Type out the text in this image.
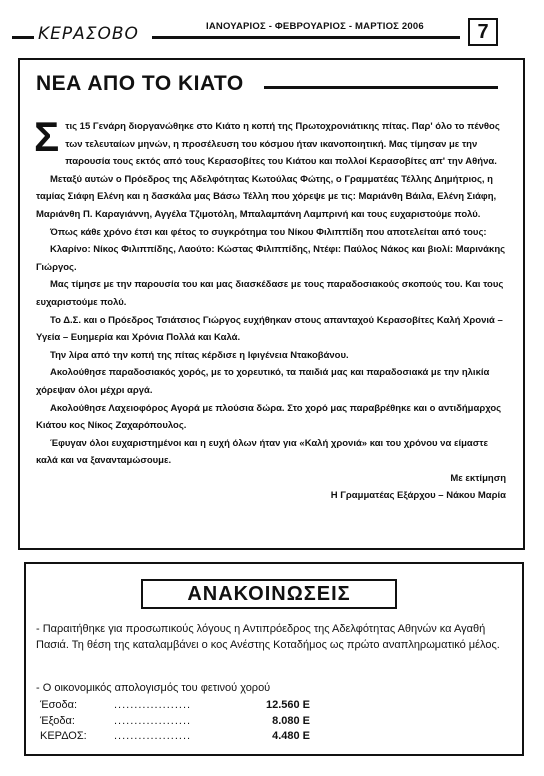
ΚΕΡΑΣΟΒΟ	ΙΑΝΟΥΑΡΙΟΣ - ΦΕΒΡΟΥΑΡΙΟΣ - ΜΑΡΤΙΟΣ 2006	7
ΝΕΑ ΑΠΟ ΤΟ ΚΙΑΤΟ

Στις 15 Γενάρη διοργανώθηκε στο Κιάτο η κοπή της Πρωτοχρονιάτικης πίτας. Παρ' όλο το πένθος των τελευταίων μηνών, η προσέλευση του κόσμου ήταν ικανοποιητική. Μας τίμησαν με την παρουσία τους εκτός από τους Κερασοβίτες του Κιάτου και πολλοί Κερασοβίτες απ' την Αθήνα.

Μεταξύ αυτών ο Πρόεδρος της Αδελφότητας Κωτούλας Φώτης, ο Γραμματέας Τέλλης Δημήτριος, η ταμίας Σιάφη Ελένη και η δασκάλα μας Βάσω Τέλλη που χόρεψε με τις: Μαριάνθη Βάιλα, Ελένη Σιάφη, Μαριάνθη Π. Καραγιάννη, Αγγέλα Τζιμοτόλη, Μπαλαμπάνη Λαμπρινή και τους ευχαριστούμε πολύ.

Όπως κάθε χρόνο έτσι και φέτος το συγκρότημα του Νίκου Φιλιππίδη που αποτελείται από τους:

Κλαρίνο: Νίκος Φιλιππίδης, Λαούτο: Κώστας Φιλιππίδης, Ντέφι: Παύλος Νάκος και βιολί: Μαρινάκης Γιώργος.

Μας τίμησε με την παρουσία του και μας διασκέδασε με τους παραδοσιακούς σκοπούς του. Και τους ευχαριστούμε πολύ.

Το Δ.Σ. και ο Πρόεδρος Τσιάτσιος Γιώργος ευχήθηκαν στους απανταχού Κερασοβίτες Καλή Χρονιά – Υγεία – Ευημερία και Χρόνια Πολλά και Καλά.

Την λίρα από την κοπή της πίτας κέρδισε η Ιφιγένεια Ντακοβάνου.

Ακολούθησε παραδοσιακός χορός, με το χορευτικό, τα παιδιά μας και παραδοσιακά με την ηλικία χόρεψαν όλοι μέχρι αργά.

Ακολούθησε Λαχειοφόρος Αγορά με πλούσια δώρα. Στο χορό μας παραβρέθηκε και ο αντιδήμαρχος Κιάτου κος Νίκος Ζαχαρόπουλος.

Έφυγαν όλοι ευχαριστημένοι και η ευχή όλων ήταν για «Καλή χρονιά» και του χρόνου να είμαστε καλά και να ξανανταμώσουμε.

Με εκτίμηση

Η Γραμματέας Εξάρχου – Νάκου Μαρία

ΑΝΑΚΟΙΝΩΣΕΙΣ

- Παραιτήθηκε για προσωπικούς λόγους η Αντιπρόεδρος της Αδελφότητας Αθηνών κα Αγαθή Πασιά. Τη θέση της καταλαμβάνει ο κος Ανέστης Κοταδήμος ως πρώτο αναπληρωματικό μέλος.

- Ο οικονομικός απολογισμός του φετινού χορού
Έσοδα:	...................	12.560 Ε
Έξοδα:	...................	8.080 Ε
ΚΕΡΔΟΣ:	...................	4.480 Ε
